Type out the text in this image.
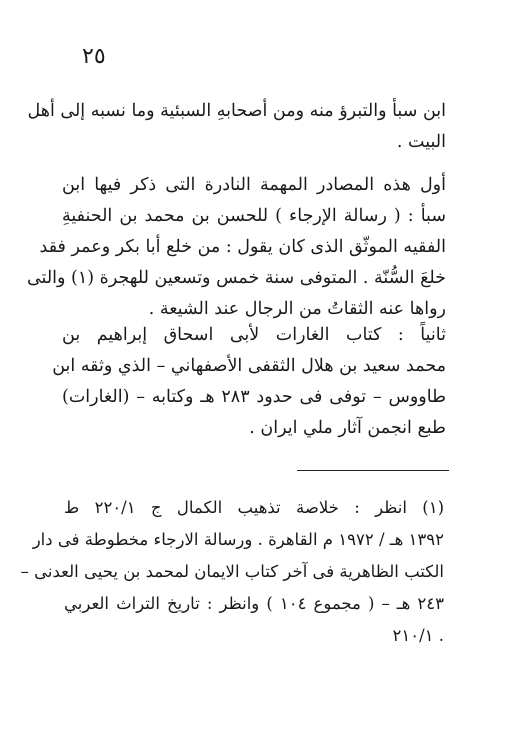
٢٥

ابن سبأ والتبرؤ منه ومن أصحابهِ السبئية وما نسبه إلى أهل
البيت .

أول هذه المصادر المهمة النادرة التى ذكر فيها ابن
سبأ : ( رسالة الإرجاء ) للحسن بن محمد بن الحنفيةِ
الفقيه الموثّق الذى كان يقول : من خلع أبا بكر وعمر فقد
خلعَ السُّنّة . المتوفى سنة خمس وتسعين للهجرة (١) والتى
رواها عنه الثقاتُ من الرجال عند الشيعة .

ثانياً : كتاب الغارات لأبى اسحاق إبراهيم بن
محمد سعيد بن هلال الثقفى الأصفهاني – الذي وثقه ابن
طاووس – توفى فى حدود ٢٨٣ هـ وكتابه – (الغارات)
طبع انجمن آثار ملي ايران .

(١) انظر : خلاصة تذهيب الكمال ج ٢٢٠/١ ط
١٣٩٢ هـ / ١٩٧٢ م القاهرة . ورسالة الارجاء مخطوطة فى دار
الكتب الظاهرية فى آخر كتاب الايمان لمحمد بن يحيى العدنى –
٢٤٣ هـ – ( مجموع ١٠٤ ) وانظر : تاريخ التراث العربي
. ٢١٠/١
